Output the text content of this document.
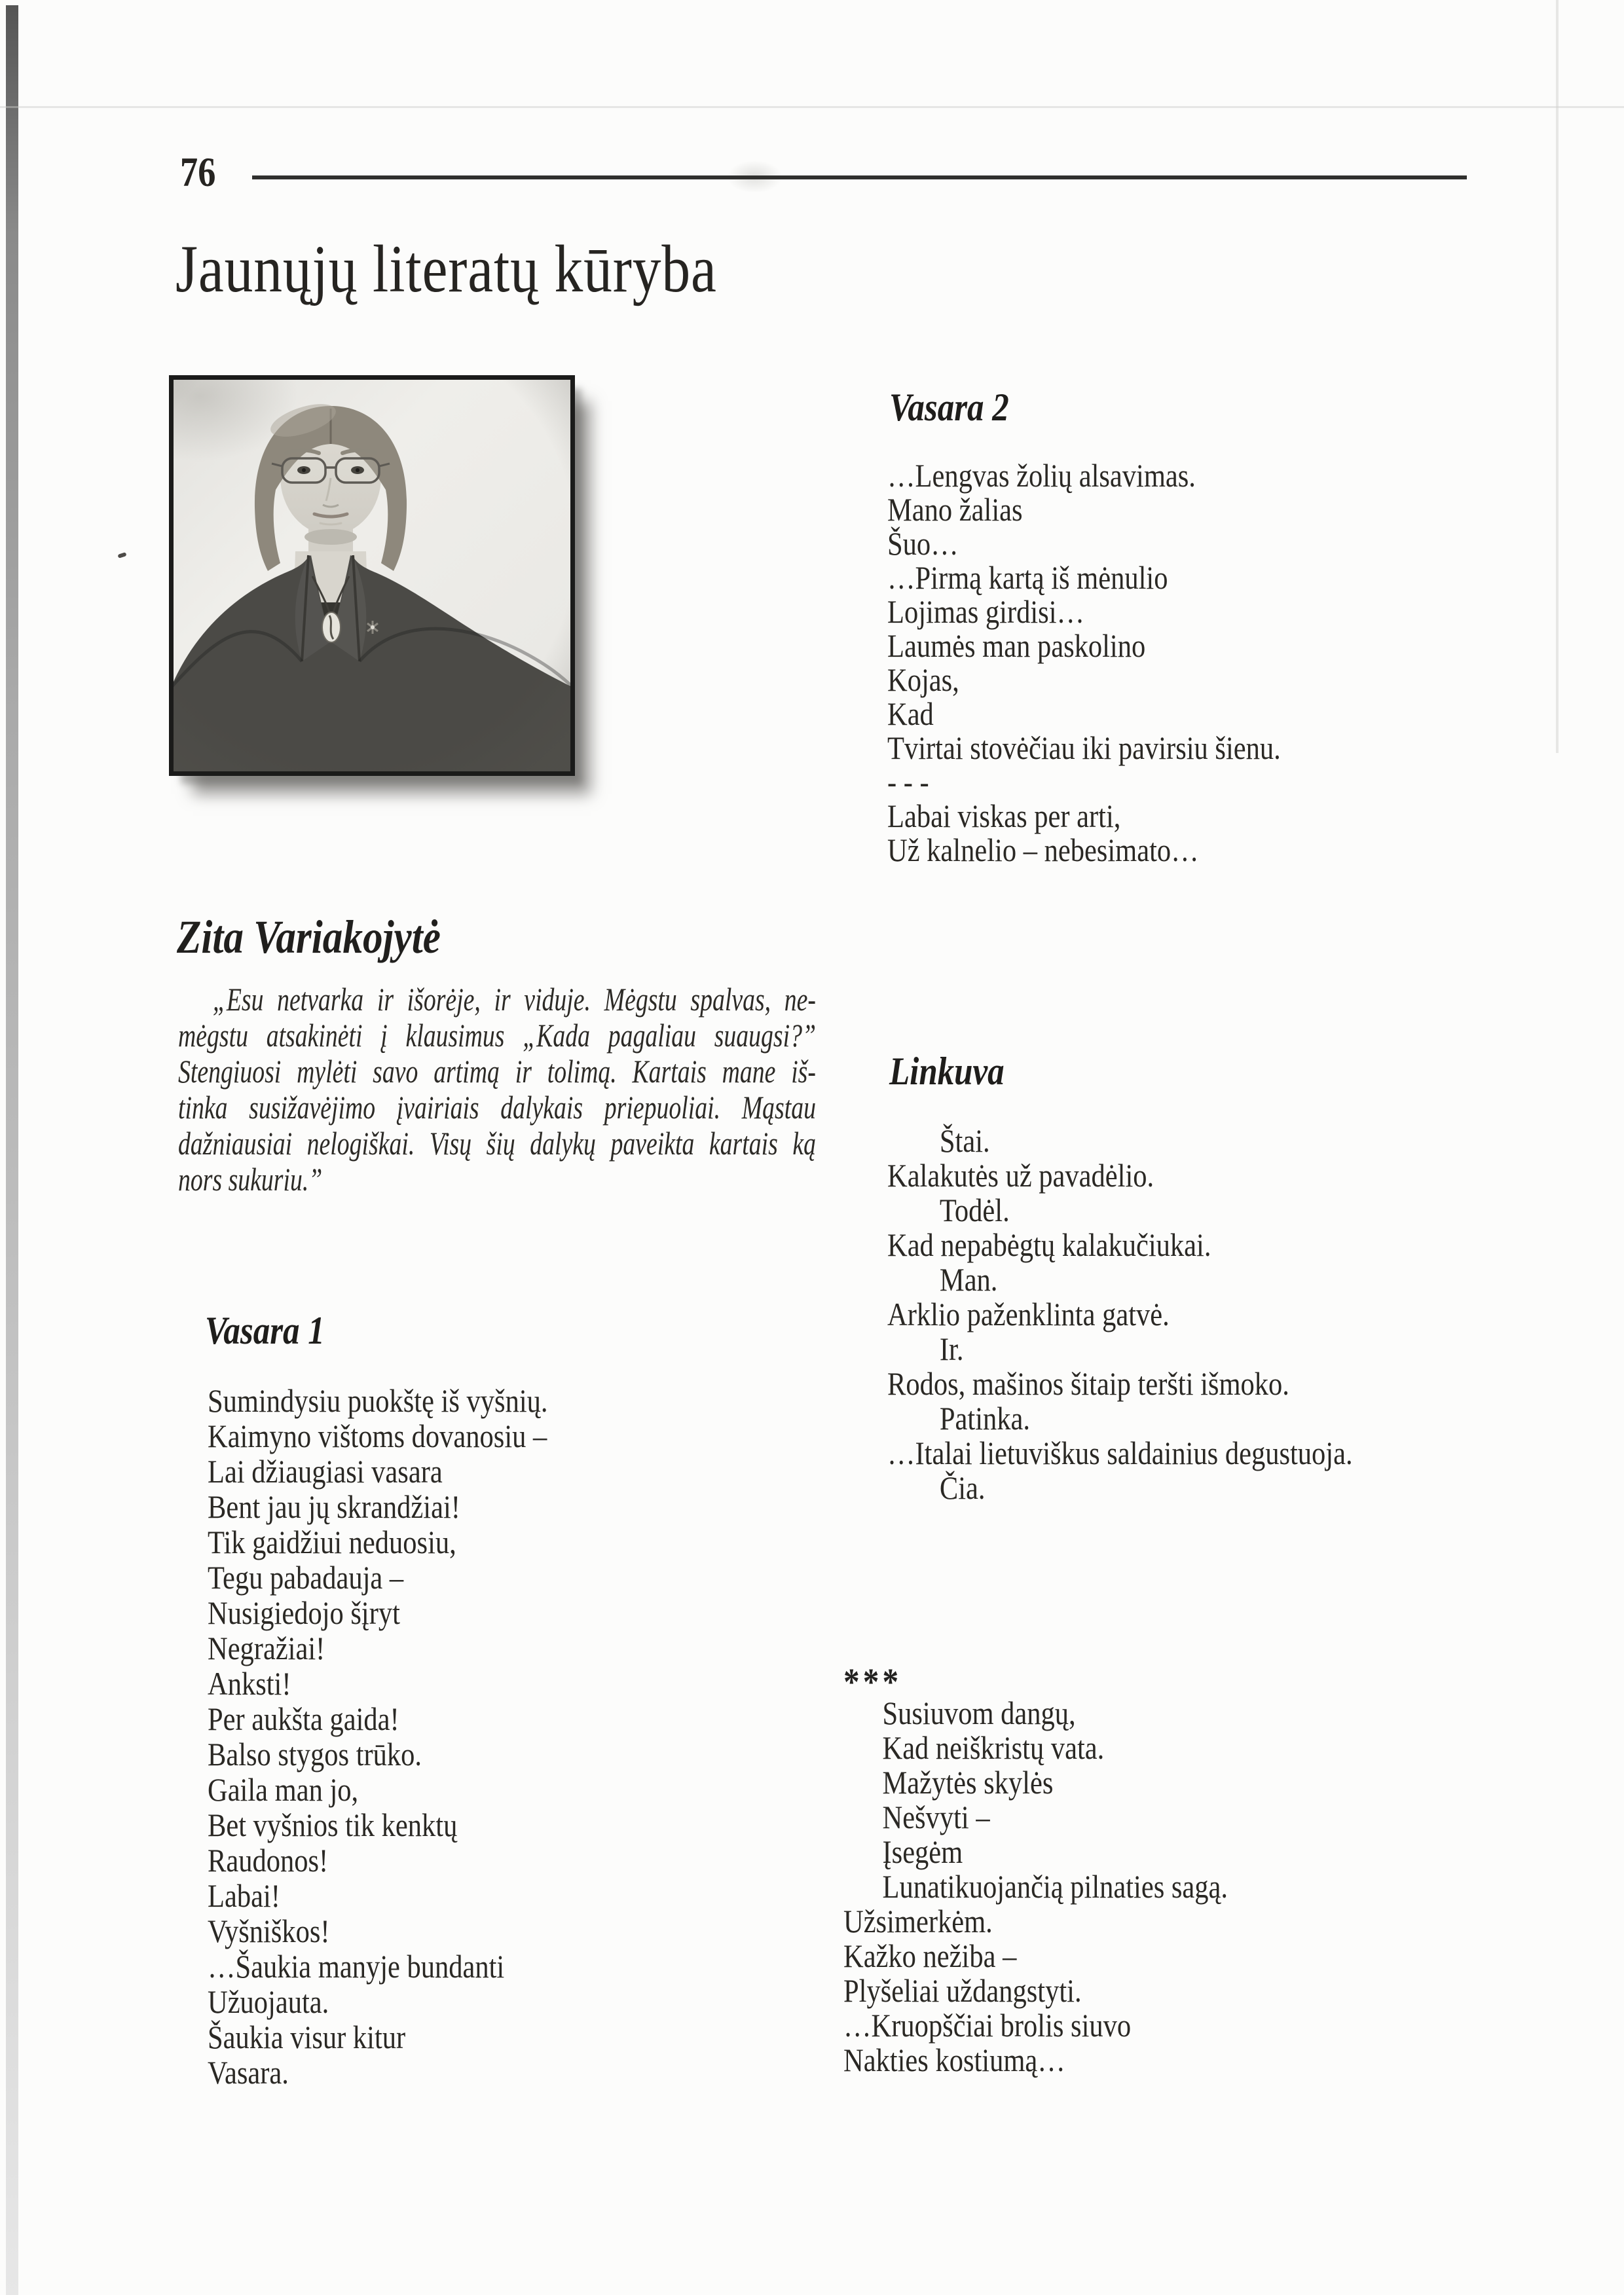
76
Jaunųjų literatų kūryba
Zita Variakojytė
„Esu netvarka ir išorėje, ir viduje. Mėgstu spalvas, ne-
mėgstu atsakinėti į klausimus „Kada pagaliau suaugsi?”
Stengiuosi mylėti savo artimą ir tolimą. Kartais mane iš-
tinka susižavėjimo įvairiais dalykais priepuoliai. Mąstau
dažniausiai nelogiškai. Visų šių dalykų paveikta kartais ką
nors sukuriu.”
Vasara 1
Sumindysiu puokštę iš vyšnių.
Kaimyno vištoms dovanosiu –
Lai džiaugiasi vasara
Bent jau jų skrandžiai!
Tik gaidžiui neduosiu,
Tegu pabadauja –
Nusigiedojo šįryt
Negražiai!
Anksti!
Per aukšta gaida!
Balso stygos trūko.
Gaila man jo,
Bet vyšnios tik kenktų
Raudonos!
Labai!
Vyšniškos!
…Šaukia manyje bundanti
Užuojauta.
Šaukia visur kitur
Vasara.
Vasara 2
…Lengvas žolių alsavimas.
Mano žalias
Šuo…
…Pirmą kartą iš mėnulio
Lojimas girdisi…
Laumės man paskolino
Kojas,
Kad
Tvirtai stovėčiau iki pavirsiu šienu.
- - -
Labai viskas per arti,
Už kalnelio – nebesimato…
Linkuva
Štai.
Kalakutės už pavadėlio.
Todėl.
Kad nepabėgtų kalakučiukai.
Man.
Arklio paženklinta gatvė.
Ir.
Rodos, mašinos šitaip teršti išmoko.
Patinka.
…Italai lietuviškus saldainius degustuoja.
Čia.
***
Susiuvom dangų,
Kad neiškristų vata.
Mažytės skylės
Nešvyti –
Įsegėm
Lunatikuojančią pilnaties sagą.
Užsimerkėm.
Kažko nežiba –
Plyšeliai uždangstyti.
…Kruopščiai brolis siuvo
Nakties kostiumą…
